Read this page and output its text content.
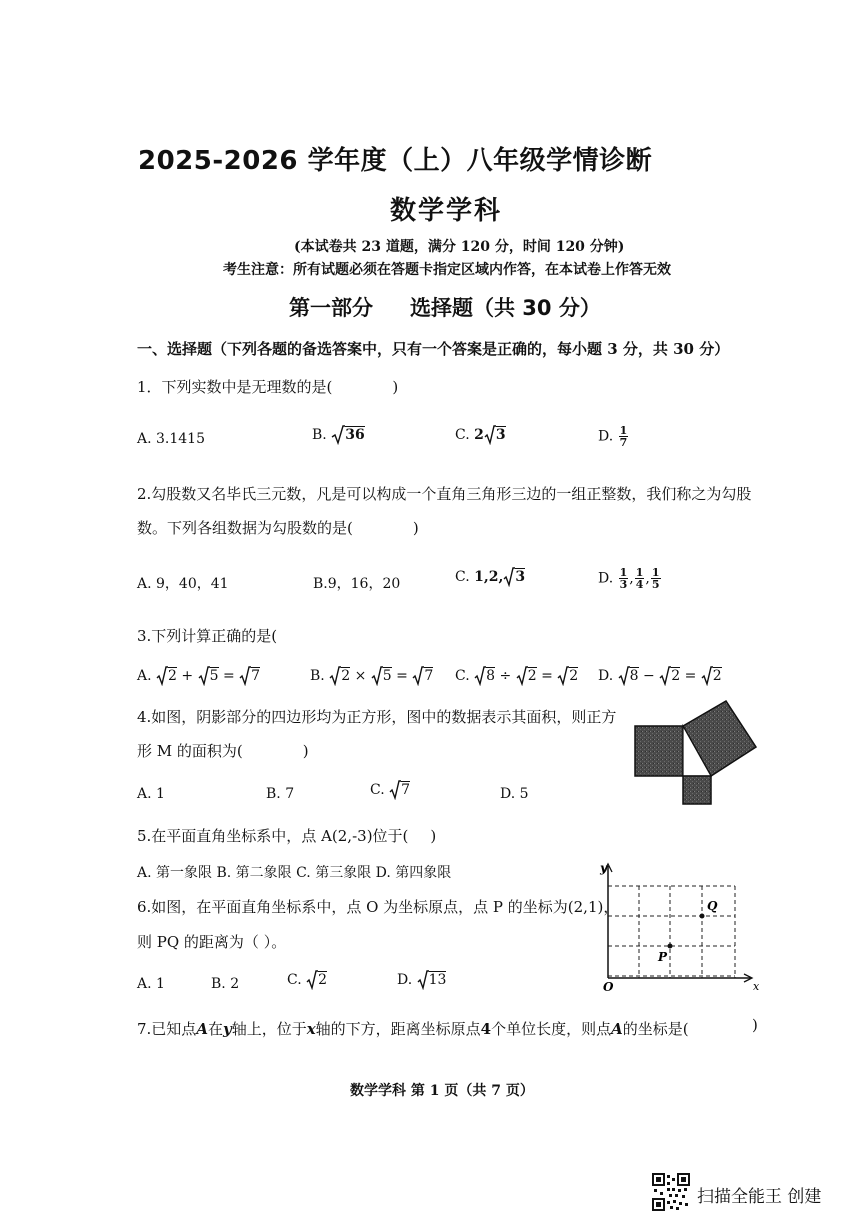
2025-2026 学年度（上）八年级学情诊断
数学学科
(本试卷共 23 道题，满分 120 分，时间 120 分钟)
考生注意：所有试题必须在答题卡指定区域内作答，在本试卷上作答无效
第一部分 选择题（共 30 分）
一、选择题（下列各题的备选答案中，只有一个答案是正确的，每小题 3 分，共 30 分）
1．下列实数中是无理数的是(	)
A. 3.1415	B. 36	C. 2 3	D. $\frac{1}{7}$
2.勾股数又名毕氏三元数，凡是可以构成一个直角三角形三边的一组正整数，我们称之为勾股
数。下列各组数据为勾股数的是(	)
A. 9，40，41	B.9，16，20	C. 1,2, 3	D. $\frac{1}{3}$ , $\frac{1}{4}$ , $\frac{1}{5}$
3.下列计算正确的是(
A. 2 + 5 = 7	B. 2 × 5 = 7 C. 8 ÷ 2 = 2 D. 8 − 2 = 2
4.如图，阴影部分的四边形均为正方形，图中的数据表示其面积，则正方
形 M 的面积为(	)
A. 1	B. 7	C. 7	D. 5
5.在平面直角坐标系中，点 A(2,-3)位于( )
A. 第一象限 B. 第二象限 C. 第三象限 D. 第四象限
6.如图，在平面直角坐标系中，点 O 为坐标原点，点 P 的坐标为(2,1)，
则 PQ 的距离为（ ）。
A. 1	B. 2	C. 2	D. 13
y
x
O
P
Q
7.已知点A在y轴上，位于x轴的下方，距离坐标原点4个单位长度，则点A的坐标是(	)
数学学科 第 1 页（共 7 页）
扫描全能王 创建
